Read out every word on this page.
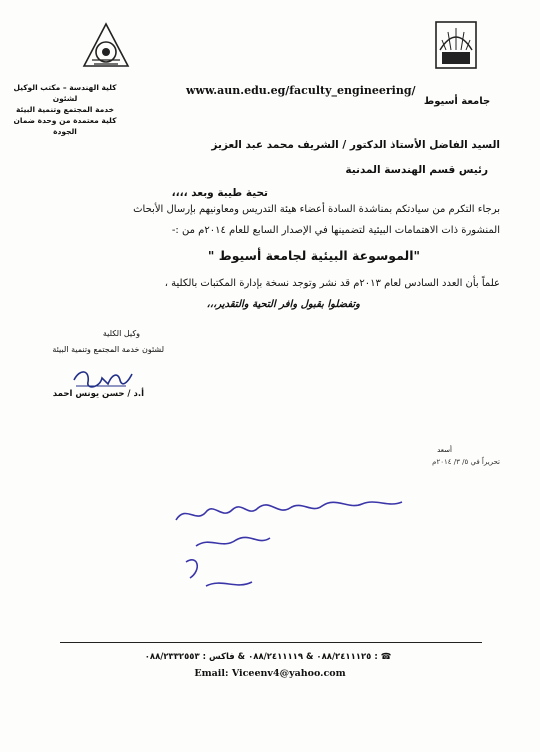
جامعة أسيوط
www.aun.edu.eg/faculty_engineering/
كلية الهندسة – مكتب الوكيل لشئون
خدمة المجتمع وتنمية البيئة
كلية معتمدة من وحدة ضمان الجودة
السيد الفاضل الأستاذ الدكتور / الشريف محمد عبد العزيز
رئيس قسم الهندسة المدنية
تحية طيبة وبعد ،،،،
برجاء التكرم من سيادتكم بمناشدة السادة أعضاء هيئة التدريس ومعاونيهم بإرسال الأبحاث
المنشورة ذات الاهتمامات البيئية لتضمينها في الإصدار السابع للعام ٢٠١٤م من :-
"الموسوعة البيئية لجامعة أسيوط "
علماً بأن العدد السادس لعام ٢٠١٣م قد نشر وتوجد نسخة بإدارة المكتبات بالكلية ،
وتفضلوا بقبول وافر التحية والتقدير،،،
وكيل الكلية
لشئون خدمة المجتمع وتنمية البيئة
أ.د / حسن يونس احمد
أسعد
تحريراً في ٥/ ٣/ ٢٠١٤م
☎ : ٠٨٨/٢٤١١١٢٥ & ٠٨٨/٢٤١١١١٩ & فاكس : ٠٨٨/٢٣٣٢٥٥٣
Email: Viceenv4@yahoo.com
